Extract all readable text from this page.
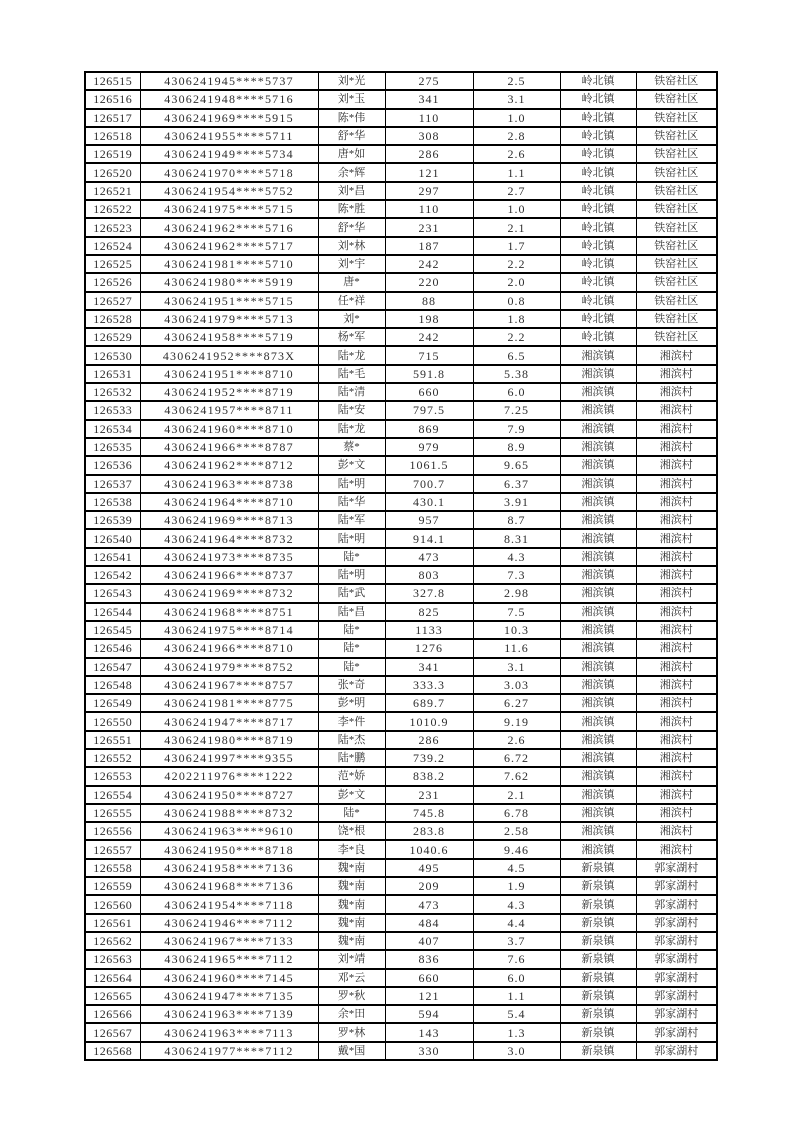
126515	4306241945****5737	刘*光	275	2.5	岭北镇	铁窑社区
126516	4306241948****5716	刘*玉	341	3.1	岭北镇	铁窑社区
126517	4306241969****5915	陈*伟	110	1.0	岭北镇	铁窑社区
126518	4306241955****5711	舒*华	308	2.8	岭北镇	铁窑社区
126519	4306241949****5734	唐*如	286	2.6	岭北镇	铁窑社区
126520	4306241970****5718	余*辉	121	1.1	岭北镇	铁窑社区
126521	4306241954****5752	刘*昌	297	2.7	岭北镇	铁窑社区
126522	4306241975****5715	陈*胜	110	1.0	岭北镇	铁窑社区
126523	4306241962****5716	舒*华	231	2.1	岭北镇	铁窑社区
126524	4306241962****5717	刘*林	187	1.7	岭北镇	铁窑社区
126525	4306241981****5710	刘*宇	242	2.2	岭北镇	铁窑社区
126526	4306241980****5919	唐*	220	2.0	岭北镇	铁窑社区
126527	4306241951****5715	任*祥	88	0.8	岭北镇	铁窑社区
126528	4306241979****5713	刘*	198	1.8	岭北镇	铁窑社区
126529	4306241958****5719	杨*军	242	2.2	岭北镇	铁窑社区
126530	4306241952****873X	陆*龙	715	6.5	湘滨镇	湘滨村
126531	4306241951****8710	陆*毛	591.8	5.38	湘滨镇	湘滨村
126532	4306241952****8719	陆*清	660	6.0	湘滨镇	湘滨村
126533	4306241957****8711	陆*安	797.5	7.25	湘滨镇	湘滨村
126534	4306241960****8710	陆*龙	869	7.9	湘滨镇	湘滨村
126535	4306241966****8787	蔡*	979	8.9	湘滨镇	湘滨村
126536	4306241962****8712	彭*文	1061.5	9.65	湘滨镇	湘滨村
126537	4306241963****8738	陆*明	700.7	6.37	湘滨镇	湘滨村
126538	4306241964****8710	陆*华	430.1	3.91	湘滨镇	湘滨村
126539	4306241969****8713	陆*军	957	8.7	湘滨镇	湘滨村
126540	4306241964****8732	陆*明	914.1	8.31	湘滨镇	湘滨村
126541	4306241973****8735	陆*	473	4.3	湘滨镇	湘滨村
126542	4306241966****8737	陆*明	803	7.3	湘滨镇	湘滨村
126543	4306241969****8732	陆*武	327.8	2.98	湘滨镇	湘滨村
126544	4306241968****8751	陆*昌	825	7.5	湘滨镇	湘滨村
126545	4306241975****8714	陆*	1133	10.3	湘滨镇	湘滨村
126546	4306241966****8710	陆*	1276	11.6	湘滨镇	湘滨村
126547	4306241979****8752	陆*	341	3.1	湘滨镇	湘滨村
126548	4306241967****8757	张*奇	333.3	3.03	湘滨镇	湘滨村
126549	4306241981****8775	彭*明	689.7	6.27	湘滨镇	湘滨村
126550	4306241947****8717	李*件	1010.9	9.19	湘滨镇	湘滨村
126551	4306241980****8719	陆*杰	286	2.6	湘滨镇	湘滨村
126552	4306241997****9355	陆*鹏	739.2	6.72	湘滨镇	湘滨村
126553	4202211976****1222	范*娇	838.2	7.62	湘滨镇	湘滨村
126554	4306241950****8727	彭*文	231	2.1	湘滨镇	湘滨村
126555	4306241988****8732	陆*	745.8	6.78	湘滨镇	湘滨村
126556	4306241963****9610	饶*根	283.8	2.58	湘滨镇	湘滨村
126557	4306241950****8718	李*良	1040.6	9.46	湘滨镇	湘滨村
126558	4306241958****7136	魏*南	495	4.5	新泉镇	郭家湖村
126559	4306241968****7136	魏*南	209	1.9	新泉镇	郭家湖村
126560	4306241954****7118	魏*南	473	4.3	新泉镇	郭家湖村
126561	4306241946****7112	魏*南	484	4.4	新泉镇	郭家湖村
126562	4306241967****7133	魏*南	407	3.7	新泉镇	郭家湖村
126563	4306241965****7112	刘*靖	836	7.6	新泉镇	郭家湖村
126564	4306241960****7145	邓*云	660	6.0	新泉镇	郭家湖村
126565	4306241947****7135	罗*秋	121	1.1	新泉镇	郭家湖村
126566	4306241963****7139	余*田	594	5.4	新泉镇	郭家湖村
126567	4306241963****7113	罗*林	143	1.3	新泉镇	郭家湖村
126568	4306241977****7112	戴*国	330	3.0	新泉镇	郭家湖村
